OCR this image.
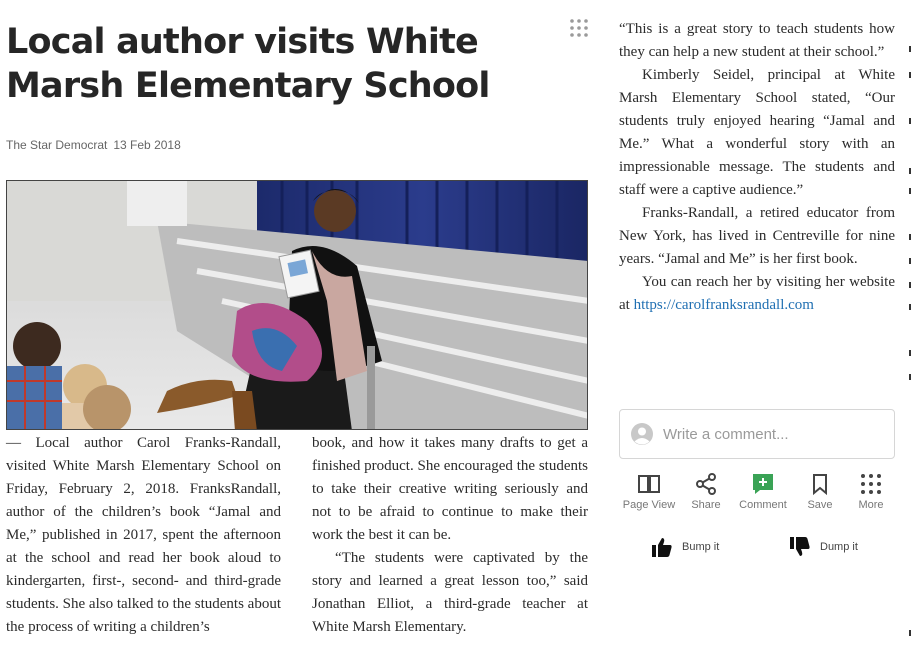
Local author visits White Marsh Elementary School
The Star Democrat 13 Feb 2018

— Local author Carol Franks-Randall, visited White Marsh Elementary School on Friday, February 2, 2018. FranksRandall, author of the children’s book “Jamal and Me,” published in 2017, spent the afternoon at the school and read her book aloud to kindergarten, first-, second- and third-grade students. She also talked to the students about the process of writing a children’s

book, and how it takes many drafts to get a finished product. She encouraged the students to take their creative writing seriously and not to be afraid to continue to make their work the best it can be.

“The students were captivated by the story and learned a great lesson too,” said Jonathan Elliot, a third-grade teacher at White Marsh Elementary.

“This is a great story to teach students how they can help a new student at their school.”

Kimberly Seidel, principal at White Marsh Elementary School stated, “Our students truly enjoyed hearing “Jamal and Me.” What a wonderful story with an impressionable message. The students and staff were a captive audience.”

Franks-Randall, a retired educator from New York, has lived in Centreville for nine years. “Jamal and Me” is her first book.

You can reach her by visiting her website at https://carolfranksrandall.com

Write a comment...
Page View	Share	Comment	Save	More
Bump it	Dump it
